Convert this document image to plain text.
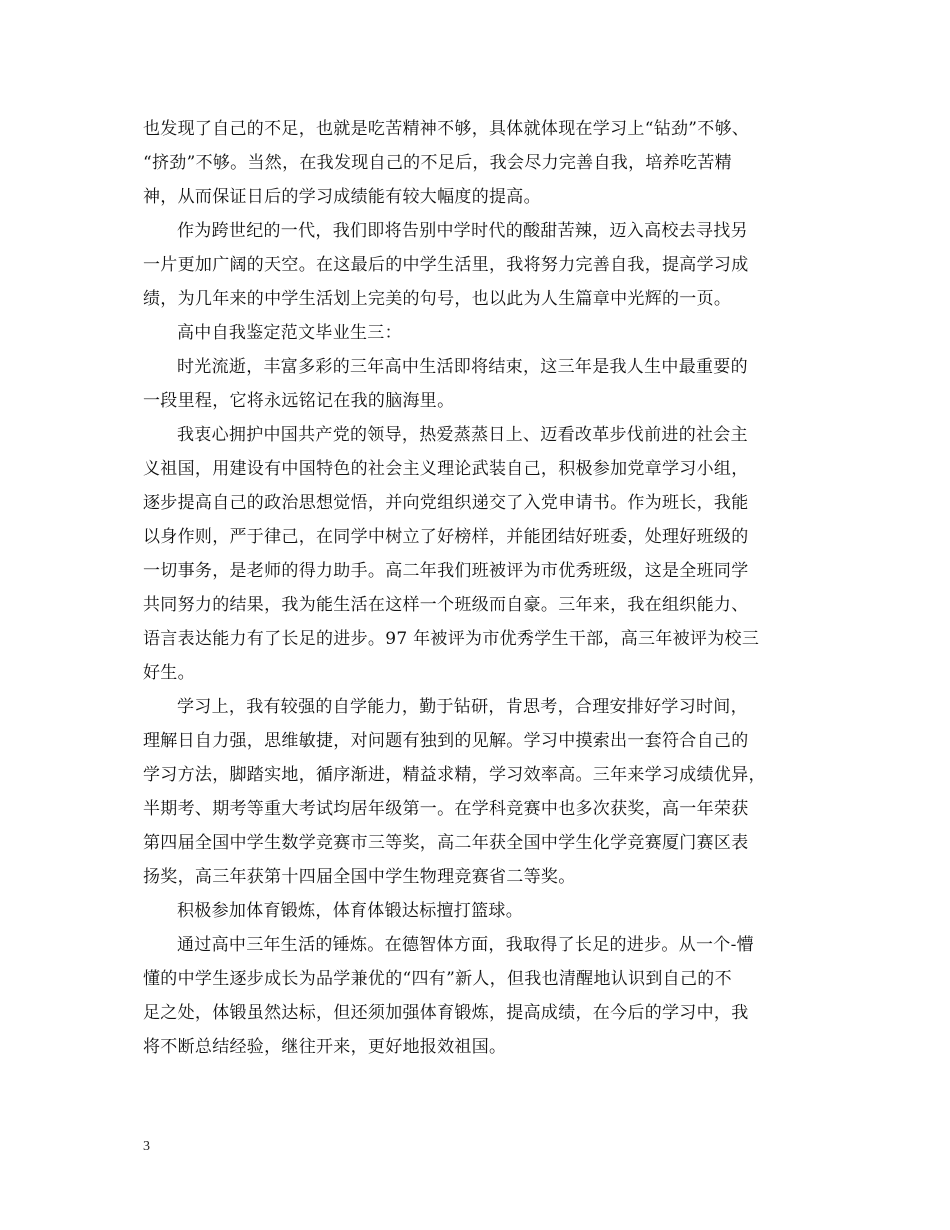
也发现了自己的不足，也就是吃苦精神不够，具体就体现在学习上“钻劲”不够、
“挤劲”不够。当然，在我发现自己的不足后，我会尽力完善自我，培养吃苦精
神，从而保证日后的学习成绩能有较大幅度的提高。
作为跨世纪的一代，我们即将告别中学时代的酸甜苦辣，迈入高校去寻找另
一片更加广阔的天空。在这最后的中学生活里，我将努力完善自我，提高学习成
绩，为几年来的中学生活划上完美的句号，也以此为人生篇章中光辉的一页。
高中自我鉴定范文毕业生三：
时光流逝，丰富多彩的三年高中生活即将结束，这三年是我人生中最重要的
一段里程，它将永远铭记在我的脑海里。
我衷心拥护中国共产党的领导，热爱蒸蒸日上、迈看改革步伐前进的社会主
义祖国，用建设有中国特色的社会主义理论武装自己，积极参加党章学习小组，
逐步提高自己的政治思想觉悟，并向党组织递交了入党申请书。作为班长，我能
以身作则，严于律己，在同学中树立了好榜样，并能团结好班委，处理好班级的
一切事务，是老师的得力助手。高二年我们班被评为市优秀班级，这是全班同学
共同努力的结果，我为能生活在这样一个班级而自豪。三年来，我在组织能力、
语言表达能力有了长足的进步。97 年被评为市优秀学生干部，高三年被评为校三
好生。
学习上，我有较强的自学能力，勤于钻研，肯思考，合理安排好学习时间，
理解日自力强，思维敏捷，对问题有独到的见解。学习中摸索出一套符合自己的
学习方法，脚踏实地，循序渐进，精益求精，学习效率高。三年来学习成绩优异，
半期考、期考等重大考试均居年级第一。在学科竞赛中也多次获奖，高一年荣获
第四届全国中学生数学竞赛市三等奖，高二年获全国中学生化学竞赛厦门赛区表
扬奖，高三年获第十四届全国中学生物理竞赛省二等奖。
积极参加体育锻炼，体育体锻达标擅打篮球。
通过高中三年生活的锤炼。在德智体方面，我取得了长足的进步。从一个-懵
懂的中学生逐步成长为品学兼优的“四有”新人，但我也清醒地认识到自己的不
足之处，体锻虽然达标，但还须加强体育锻炼，提高成绩，在今后的学习中，我
将不断总结经验，继往开来，更好地报效祖国。
3
